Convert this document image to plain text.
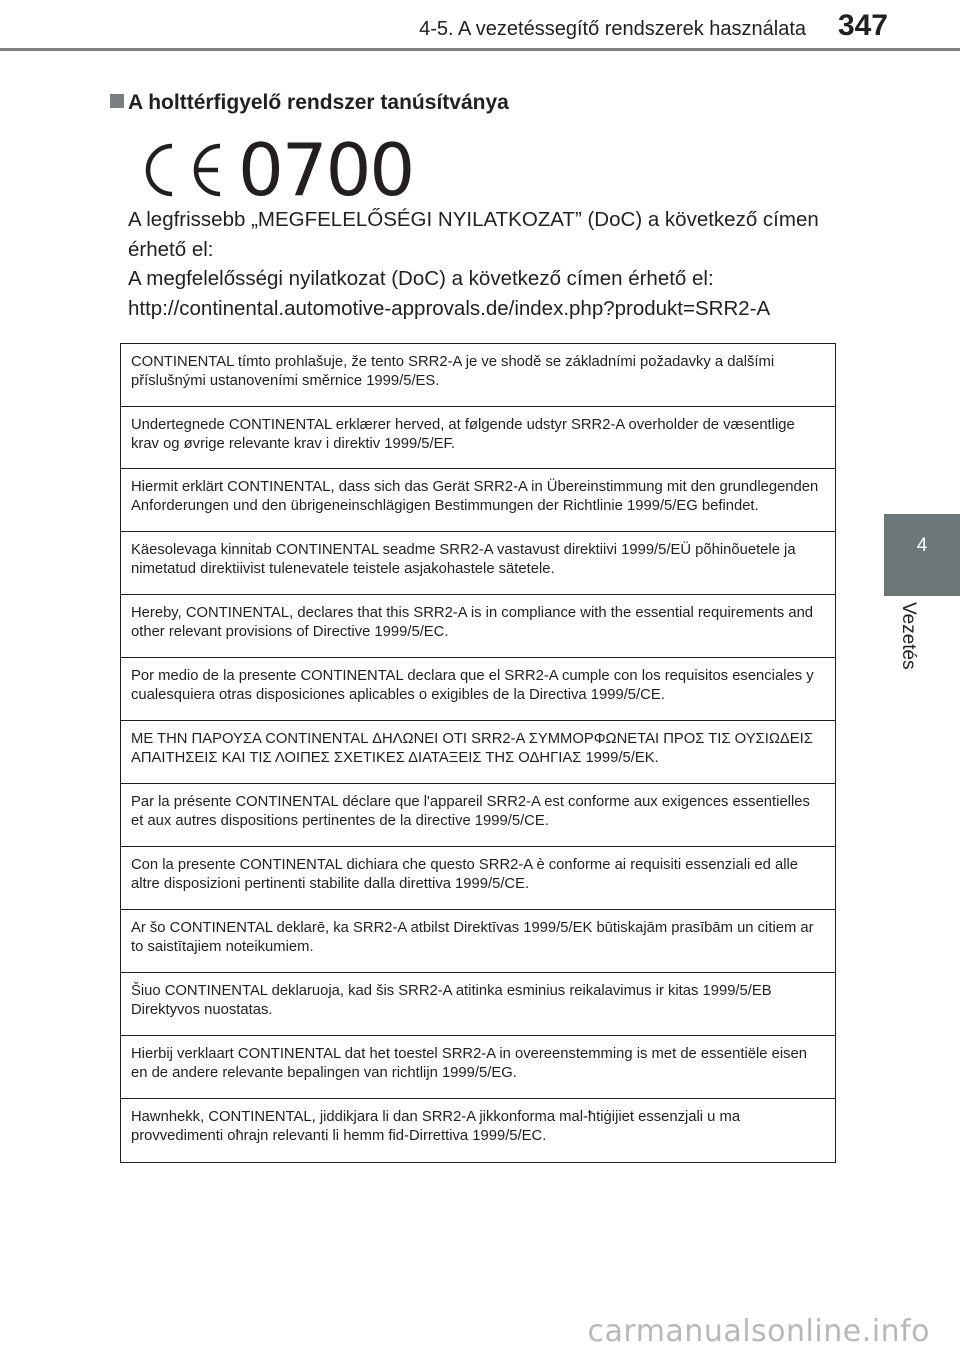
4-5. A vezetéssegítő rendszerek használata 347
4
Vezetés
A holttérfigyelő rendszer tanúsítványa
0700
A legfrissebb „MEGFELELŐSÉGI NYILATKOZAT” (DoC) a következő címen érhető el:
A megfelelősségi nyilatkozat (DoC) a következő címen érhető el:
http://continental.automotive-approvals.de/index.php?produkt=SRR2-A
CONTINENTAL tímto prohlašuje, že tento SRR2-A je ve shodě se základními požadavky a dalšími příslušnými ustanoveními směrnice 1999/5/ES.
Undertegnede CONTINENTAL erklærer herved, at følgende udstyr SRR2-A overholder de væsentlige krav og øvrige relevante krav i direktiv 1999/5/EF.
Hiermit erklärt CONTINENTAL, dass sich das Gerät SRR2-A in Übereinstimmung mit den grundlegenden Anforderungen und den übrigeneinschlägigen Bestimmungen der Richtlinie 1999/5/EG befindet.
Käesolevaga kinnitab CONTINENTAL seadme SRR2-A vastavust direktiivi 1999/5/EÜ põhinõuetele ja nimetatud direktiivist tulenevatele teistele asjakohastele sätetele.
Hereby, CONTINENTAL, declares that this SRR2-A is in compliance with the essential requirements and other relevant provisions of Directive 1999/5/EC.
Por medio de la presente CONTINENTAL declara que el SRR2-A cumple con los requisitos esenciales y cualesquiera otras disposiciones aplicables o exigibles de la Directiva 1999/5/CE.
ΜΕ ΤΗΝ ΠΑΡΟΥΣΑ CONTINENTAL ΔΗΛΩΝΕΙ ΟΤΙ SRR2-A ΣΥΜΜΟΡΦΩΝΕΤΑΙ ΠΡΟΣ ΤΙΣ ΟΥΣΙΩΔΕΙΣ ΑΠΑΙΤΗΣΕΙΣ ΚΑΙ ΤΙΣ ΛΟΙΠΕΣ ΣΧΕΤΙΚΕΣ ΔΙΑΤΑΞΕΙΣ ΤΗΣ ΟΔΗΓΙΑΣ 1999/5/ΕΚ.
Par la présente CONTINENTAL déclare que l'appareil SRR2-A est conforme aux exigences essentielles et aux autres dispositions pertinentes de la directive 1999/5/CE.
Con la presente CONTINENTAL dichiara che questo SRR2-A è conforme ai requisiti essenziali ed alle altre disposizioni pertinenti stabilite dalla direttiva 1999/5/CE.
Ar šo CONTINENTAL deklarē, ka SRR2-A atbilst Direktīvas 1999/5/EK būtiskajām prasībām un citiem ar to saistītajiem noteikumiem.
Šiuo CONTINENTAL deklaruoja, kad šis SRR2-A atitinka esminius reikalavimus ir kitas 1999/5/EB Direktyvos nuostatas.
Hierbij verklaart CONTINENTAL dat het toestel SRR2-A in overeenstemming is met de essentiële eisen en de andere relevante bepalingen van richtlijn 1999/5/EG.
Hawnhekk, CONTINENTAL, jiddikjara li dan SRR2-A jikkonforma mal-ħtiġijiet essenzjali u ma provvedimenti oħrajn relevanti li hemm fid-Dirrettiva 1999/5/EC.
carmanualsonline.info
